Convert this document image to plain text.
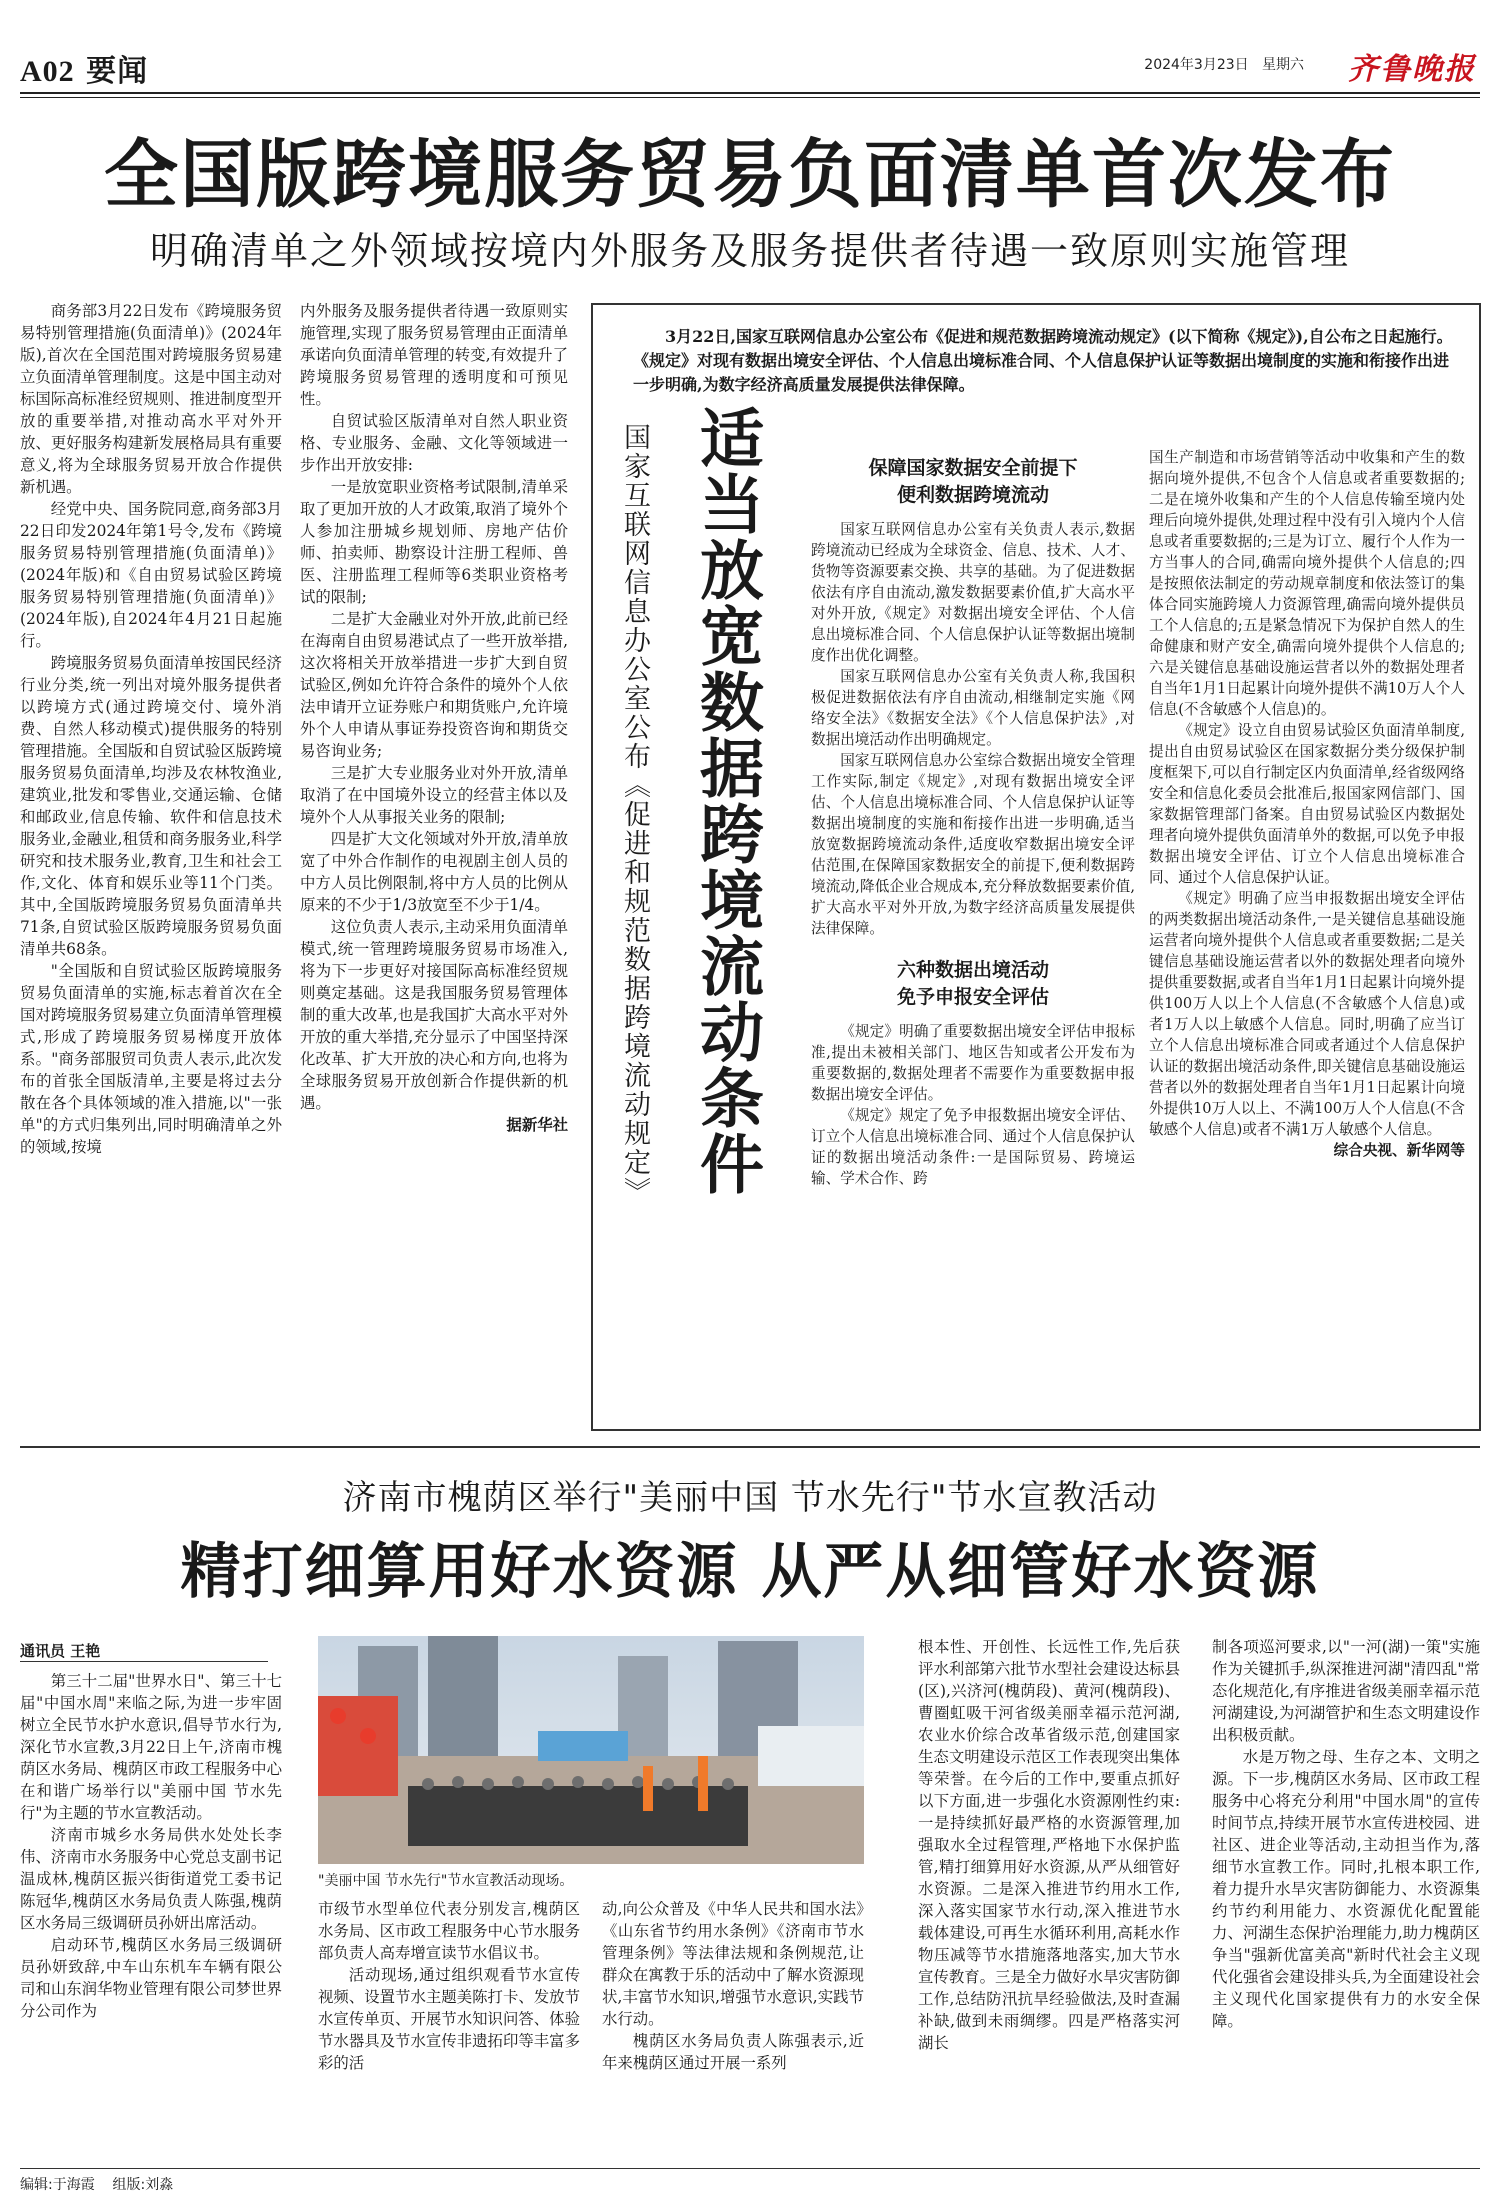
A02 要闻	2024年3月23日 星期六 齐鲁晚报
全国版跨境服务贸易负面清单首次发布
明确清单之外领域按境内外服务及服务提供者待遇一致原则实施管理

商务部3月22日发布《跨境服务贸易特别管理措施(负面清单)》(2024年版),首次在全国范围对跨境服务贸易建立负面清单管理制度。这是中国主动对标国际高标准经贸规则、推进制度型开放的重要举措,对推动高水平对外开放、更好服务构建新发展格局具有重要意义,将为全球服务贸易开放合作提供新机遇。

经党中央、国务院同意,商务部3月22日印发2024年第1号令,发布《跨境服务贸易特别管理措施(负面清单)》(2024年版)和《自由贸易试验区跨境服务贸易特别管理措施(负面清单)》(2024年版),自2024年4月21日起施行。

跨境服务贸易负面清单按国民经济行业分类,统一列出对境外服务提供者以跨境方式(通过跨境交付、境外消费、自然人移动模式)提供服务的特别管理措施。全国版和自贸试验区版跨境服务贸易负面清单,均涉及农林牧渔业,建筑业,批发和零售业,交通运输、仓储和邮政业,信息传输、软件和信息技术服务业,金融业,租赁和商务服务业,科学研究和技术服务业,教育,卫生和社会工作,文化、体育和娱乐业等11个门类。其中,全国版跨境服务贸易负面清单共71条,自贸试验区版跨境服务贸易负面清单共68条。

"全国版和自贸试验区版跨境服务贸易负面清单的实施,标志着首次在全国对跨境服务贸易建立负面清单管理模式,形成了跨境服务贸易梯度开放体系。"商务部服贸司负责人表示,此次发布的首张全国版清单,主要是将过去分散在各个具体领域的准入措施,以"一张单"的方式归集列出,同时明确清单之外的领域,按境

内外服务及服务提供者待遇一致原则实施管理,实现了服务贸易管理由正面清单承诺向负面清单管理的转变,有效提升了跨境服务贸易管理的透明度和可预见性。

自贸试验区版清单对自然人职业资格、专业服务、金融、文化等领域进一步作出开放安排:

一是放宽职业资格考试限制,清单采取了更加开放的人才政策,取消了境外个人参加注册城乡规划师、房地产估价师、拍卖师、勘察设计注册工程师、兽医、注册监理工程师等6类职业资格考试的限制;

二是扩大金融业对外开放,此前已经在海南自由贸易港试点了一些开放举措,这次将相关开放举措进一步扩大到自贸试验区,例如允许符合条件的境外个人依法申请开立证券账户和期货账户,允许境外个人申请从事证券投资咨询和期货交易咨询业务;

三是扩大专业服务业对外开放,清单取消了在中国境外设立的经营主体以及境外个人从事报关业务的限制;

四是扩大文化领域对外开放,清单放宽了中外合作制作的电视剧主创人员的中方人员比例限制,将中方人员的比例从原来的不少于1/3放宽至不少于1/4。

这位负责人表示,主动采用负面清单模式,统一管理跨境服务贸易市场准入,将为下一步更好对接国际高标准经贸规则奠定基础。这是我国服务贸易管理体制的重大改革,也是我国扩大高水平对外开放的重大举措,充分显示了中国坚持深化改革、扩大开放的决心和方向,也将为全球服务贸易开放创新合作提供新的机遇。

据新华社

3月22日,国家互联网信息办公室公布《促进和规范数据跨境流动规定》(以下简称《规定》),自公布之日起施行。《规定》对现有数据出境安全评估、个人信息出境标准合同、个人信息保护认证等数据出境制度的实施和衔接作出进一步明确,为数字经济高质量发展提供法律保障。
适当放宽数据跨境流动条件
国家互联网信息办公室公布《促进和规范数据跨境流动规定》	保障国家数据安全前提下
便利数据跨境流动

国家互联网信息办公室有关负责人表示,数据跨境流动已经成为全球资金、信息、技术、人才、货物等资源要素交换、共享的基础。为了促进数据依法有序自由流动,激发数据要素价值,扩大高水平对外开放,《规定》对数据出境安全评估、个人信息出境标准合同、个人信息保护认证等数据出境制度作出优化调整。

国家互联网信息办公室有关负责人称,我国积极促进数据依法有序自由流动,相继制定实施《网络安全法》《数据安全法》《个人信息保护法》,对数据出境活动作出明确规定。

国家互联网信息办公室综合数据出境安全管理工作实际,制定《规定》,对现有数据出境安全评估、个人信息出境标准合同、个人信息保护认证等数据出境制度的实施和衔接作出进一步明确,适当放宽数据跨境流动条件,适度收窄数据出境安全评估范围,在保障国家数据安全的前提下,便利数据跨境流动,降低企业合规成本,充分释放数据要素价值,扩大高水平对外开放,为数字经济高质量发展提供法律保障。

六种数据出境活动
免予申报安全评估

《规定》明确了重要数据出境安全评估申报标准,提出未被相关部门、地区告知或者公开发布为重要数据的,数据处理者不需要作为重要数据申报数据出境安全评估。

《规定》规定了免予申报数据出境安全评估、订立个人信息出境标准合同、通过个人信息保护认证的数据出境活动条件:一是国际贸易、跨境运输、学术合作、跨

国生产制造和市场营销等活动中收集和产生的数据向境外提供,不包含个人信息或者重要数据的;二是在境外收集和产生的个人信息传输至境内处理后向境外提供,处理过程中没有引入境内个人信息或者重要数据的;三是为订立、履行个人作为一方当事人的合同,确需向境外提供个人信息的;四是按照依法制定的劳动规章制度和依法签订的集体合同实施跨境人力资源管理,确需向境外提供员工个人信息的;五是紧急情况下为保护自然人的生命健康和财产安全,确需向境外提供个人信息的;六是关键信息基础设施运营者以外的数据处理者自当年1月1日起累计向境外提供不满10万人个人信息(不含敏感个人信息)的。

《规定》设立自由贸易试验区负面清单制度,提出自由贸易试验区在国家数据分类分级保护制度框架下,可以自行制定区内负面清单,经省级网络安全和信息化委员会批准后,报国家网信部门、国家数据管理部门备案。自由贸易试验区内数据处理者向境外提供负面清单外的数据,可以免予申报数据出境安全评估、订立个人信息出境标准合同、通过个人信息保护认证。

《规定》明确了应当申报数据出境安全评估的两类数据出境活动条件,一是关键信息基础设施运营者向境外提供个人信息或者重要数据;二是关键信息基础设施运营者以外的数据处理者向境外提供重要数据,或者自当年1月1日起累计向境外提供100万人以上个人信息(不含敏感个人信息)或者1万人以上敏感个人信息。同时,明确了应当订立个人信息出境标准合同或者通过个人信息保护认证的数据出境活动条件,即关键信息基础设施运营者以外的数据处理者自当年1月1日起累计向境外提供10万人以上、不满100万人个人信息(不含敏感个人信息)或者不满1万人敏感个人信息。

综合央视、新华网等

济南市槐荫区举行"美丽中国 节水先行"节水宣教活动
精打细算用好水资源 从严从细管好水资源
通讯员 王艳

第三十二届"世界水日"、第三十七届"中国水周"来临之际,为进一步牢固树立全民节水护水意识,倡导节水行为,深化节水宣教,3月22日上午,济南市槐荫区水务局、槐荫区市政工程服务中心在和谐广场举行以"美丽中国 节水先行"为主题的节水宣教活动。

济南市城乡水务局供水处处长李伟、济南市水务服务中心党总支副书记温成林,槐荫区振兴街街道党工委书记陈冠华,槐荫区水务局负责人陈强,槐荫区水务局三级调研员孙妍出席活动。

启动环节,槐荫区水务局三级调研员孙妍致辞,中车山东机车车辆有限公司和山东润华物业管理有限公司梦世界分公司作为

"美丽中国 节水先行"节水宣教活动现场。

市级节水型单位代表分别发言,槐荫区水务局、区市政工程服务中心节水服务部负责人高寿增宣读节水倡议书。

活动现场,通过组织观看节水宣传视频、设置节水主题美陈打卡、发放节水宣传单页、开展节水知识问答、体验节水器具及节水宣传非遗拓印等丰富多彩的活

动,向公众普及《中华人民共和国水法》《山东省节约用水条例》《济南市节水管理条例》等法律法规和条例规范,让群众在寓教于乐的活动中了解水资源现状,丰富节水知识,增强节水意识,实践节水行动。

槐荫区水务局负责人陈强表示,近年来槐荫区通过开展一系列

根本性、开创性、长远性工作,先后获评水利部第六批节水型社会建设达标县(区),兴济河(槐荫段)、黄河(槐荫段)、曹圈虹吸干河省级美丽幸福示范河湖,农业水价综合改革省级示范,创建国家生态文明建设示范区工作表现突出集体等荣誉。在今后的工作中,要重点抓好以下方面,进一步强化水资源刚性约束:一是持续抓好最严格的水资源管理,加强取水全过程管理,严格地下水保护监管,精打细算用好水资源,从严从细管好水资源。二是深入推进节约用水工作,深入落实国家节水行动,深入推进节水载体建设,可再生水循环利用,高耗水作物压减等节水措施落地落实,加大节水宣传教育。三是全力做好水旱灾害防御工作,总结防汛抗旱经验做法,及时查漏补缺,做到未雨绸缪。四是严格落实河湖长

制各项巡河要求,以"一河(湖)一策"实施作为关键抓手,纵深推进河湖"清四乱"常态化规范化,有序推进省级美丽幸福示范河湖建设,为河湖管护和生态文明建设作出积极贡献。

水是万物之母、生存之本、文明之源。下一步,槐荫区水务局、区市政工程服务中心将充分利用"中国水周"的宣传时间节点,持续开展节水宣传进校园、进社区、进企业等活动,主动担当作为,落细节水宣教工作。同时,扎根本职工作,着力提升水旱灾害防御能力、水资源集约节约利用能力、水资源优化配置能力、河湖生态保护治理能力,助力槐荫区争当"强新优富美高"新时代社会主义现代化强省会建设排头兵,为全面建设社会主义现代化国家提供有力的水安全保障。

编辑:于海霞 组版:刘淼
